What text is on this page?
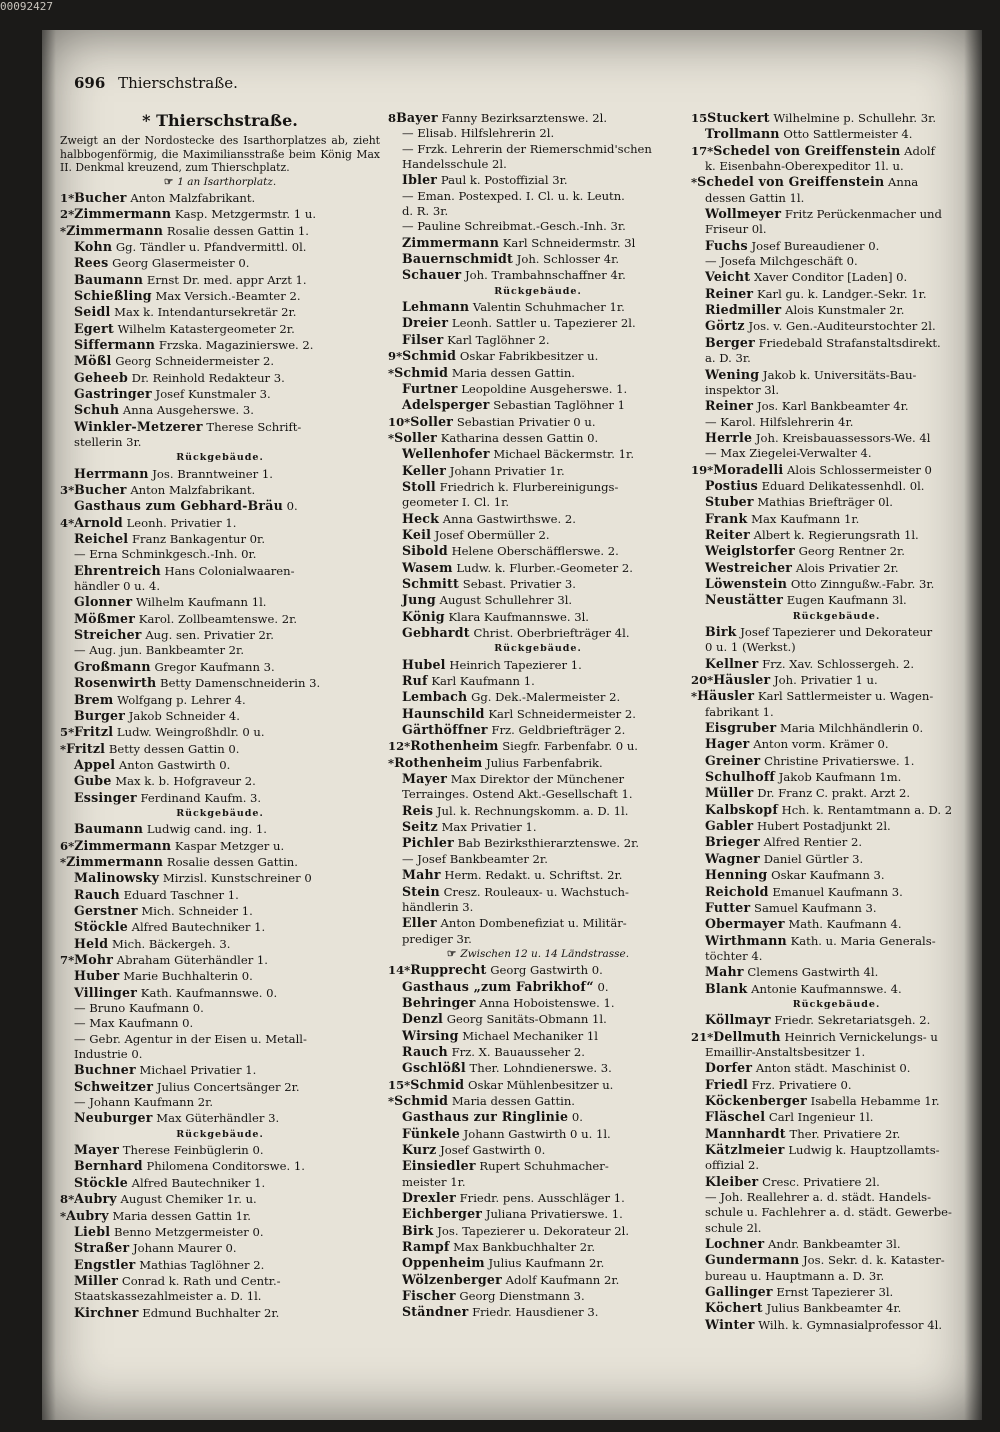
696 Thierschstraße.
* Thierschstraße.
Zweigt an der Nordostecke des Isarthorplatzes ab, zieht halbbogenförmig, die Maximiliansstraße beim König Max II. Denkmal kreuzend, zum Thierschplatz.
☞ 1 an Isarthorplatz.
1*Bucher Anton Malzfabrikant.
2*Zimmermann Kasp. Metzgermstr. 1 u.
*Zimmermann Rosalie dessen Gattin 1.
Kohn Gg. Tändler u. Pfandvermittl. 0l.
Rees Georg Glasermeister 0.
Baumann Ernst Dr. med. appr Arzt 1.
Schießling Max Versich.-Beamter 2.
Seidl Max k. Intendantursekretär 2r.
Egert Wilhelm Katastergeometer 2r.
Siffermann Frzska. Magazinierswe. 2.
Mößl Georg Schneidermeister 2.
Geheeb Dr. Reinhold Redakteur 3.
Gastringer Josef Kunstmaler 3.
Schuh Anna Ausgeherswe. 3.
Winkler-Metzerer Therese Schrift-
stellerin 3r.
Rückgebäude.
Herrmann Jos. Branntweiner 1.
3*Bucher Anton Malzfabrikant.
Gasthaus zum Gebhard-Bräu 0.
4*Arnold Leonh. Privatier 1.
Reichel Franz Bankagentur 0r.
— Erna Schminkgesch.-Inh. 0r.
Ehrentreich Hans Colonialwaaren-
händler 0 u. 4.
Glonner Wilhelm Kaufmann 1l.
Mößmer Karol. Zollbeamtenswe. 2r.
Streicher Aug. sen. Privatier 2r.
— Aug. jun. Bankbeamter 2r.
Großmann Gregor Kaufmann 3.
Rosenwirth Betty Damenschneiderin 3.
Brem Wolfgang p. Lehrer 4.
Burger Jakob Schneider 4.
5*Fritzl Ludw. Weingroßhdlr. 0 u.
*Fritzl Betty dessen Gattin 0.
Appel Anton Gastwirth 0.
Gube Max k. b. Hofgraveur 2.
Essinger Ferdinand Kaufm. 3.
Rückgebäude.
Baumann Ludwig cand. ing. 1.
6*Zimmermann Kaspar Metzger u.
*Zimmermann Rosalie dessen Gattin.
Malinowsky Mirzisl. Kunstschreiner 0
Rauch Eduard Taschner 1.
Gerstner Mich. Schneider 1.
Stöckle Alfred Bautechniker 1.
Held Mich. Bäckergeh. 3.
7*Mohr Abraham Güterhändler 1.
Huber Marie Buchhalterin 0.
Villinger Kath. Kaufmannswe. 0.
— Bruno Kaufmann 0.
— Max Kaufmann 0.
— Gebr. Agentur in der Eisen u. Metall-
Industrie 0.
Buchner Michael Privatier 1.
Schweitzer Julius Concertsänger 2r.
— Johann Kaufmann 2r.
Neuburger Max Güterhändler 3.
Rückgebäude.
Mayer Therese Feinbüglerin 0.
Bernhard Philomena Conditorswe. 1.
Stöckle Alfred Bautechniker 1.
8*Aubry August Chemiker 1r. u.
*Aubry Maria dessen Gattin 1r.
Liebl Benno Metzgermeister 0.
Straßer Johann Maurer 0.
Engstler Mathias Taglöhner 2.
Miller Conrad k. Rath und Centr.-
Staatskassezahlmeister a. D. 1l.
Kirchner Edmund Buchhalter 2r.
8Bayer Fanny Bezirksarztenswe. 2l.
— Elisab. Hilfslehrerin 2l.
— Frzk. Lehrerin der Riemerschmid'schen
Handelsschule 2l.
Ibler Paul k. Postoffizial 3r.
— Eman. Postexped. I. Cl. u. k. Leutn.
d. R. 3r.
— Pauline Schreibmat.-Gesch.-Inh. 3r.
Zimmermann Karl Schneidermstr. 3l
Bauernschmidt Joh. Schlosser 4r.
Schauer Joh. Trambahnschaffner 4r.
Rückgebäude.
Lehmann Valentin Schuhmacher 1r.
Dreier Leonh. Sattler u. Tapezierer 2l.
Filser Karl Taglöhner 2.
9*Schmid Oskar Fabrikbesitzer u.
*Schmid Maria dessen Gattin.
Furtner Leopoldine Ausgeherswe. 1.
Adelsperger Sebastian Taglöhner 1
10*Soller Sebastian Privatier 0 u.
*Soller Katharina dessen Gattin 0.
Wellenhofer Michael Bäckermstr. 1r.
Keller Johann Privatier 1r.
Stoll Friedrich k. Flurbereinigungs-
geometer I. Cl. 1r.
Heck Anna Gastwirthswe. 2.
Keil Josef Obermüller 2.
Sibold Helene Oberschäfflerswe. 2.
Wasem Ludw. k. Flurber.-Geometer 2.
Schmitt Sebast. Privatier 3.
Jung August Schullehrer 3l.
König Klara Kaufmannswe. 3l.
Gebhardt Christ. Oberbriefträger 4l.
Rückgebäude.
Hubel Heinrich Tapezierer 1.
Ruf Karl Kaufmann 1.
Lembach Gg. Dek.-Malermeister 2.
Haunschild Karl Schneidermeister 2.
Gärthöffner Frz. Geldbriefträger 2.
12*Rothenheim Siegfr. Farbenfabr. 0 u.
*Rothenheim Julius Farbenfabrik.
Mayer Max Direktor der Münchener
Terrainges. Ostend Akt.-Gesellschaft 1.
Reis Jul. k. Rechnungskomm. a. D. 1l.
Seitz Max Privatier 1.
Pichler Bab Bezirksthierarztenswe. 2r.
— Josef Bankbeamter 2r.
Mahr Herm. Redakt. u. Schriftst. 2r.
Stein Cresz. Rouleaux- u. Wachstuch-
händlerin 3.
Eller Anton Dombenefiziat u. Militär-
prediger 3r.
☞ Zwischen 12 u. 14 Ländstrasse.
14*Rupprecht Georg Gastwirth 0.
Gasthaus „zum Fabrikhof“ 0.
Behringer Anna Hoboistenswe. 1.
Denzl Georg Sanitäts-Obmann 1l.
Wirsing Michael Mechaniker 1l
Rauch Frz. X. Bauausseher 2.
Gschlößl Ther. Lohndienerswe. 3.
15*Schmid Oskar Mühlenbesitzer u.
*Schmid Maria dessen Gattin.
Gasthaus zur Ringlinie 0.
Fünkele Johann Gastwirth 0 u. 1l.
Kurz Josef Gastwirth 0.
Einsiedler Rupert Schuhmacher-
meister 1r.
Drexler Friedr. pens. Ausschläger 1.
Eichberger Juliana Privatierswe. 1.
Birk Jos. Tapezierer u. Dekorateur 2l.
Rampf Max Bankbuchhalter 2r.
Oppenheim Julius Kaufmann 2r.
Wölzenberger Adolf Kaufmann 2r.
Fischer Georg Dienstmann 3.
Ständner Friedr. Hausdiener 3.
15Stuckert Wilhelmine p. Schullehr. 3r.
Trollmann Otto Sattlermeister 4.
17*Schedel von Greiffenstein Adolf
k. Eisenbahn-Oberexpeditor 1l. u.
*Schedel von Greiffenstein Anna
dessen Gattin 1l.
Wollmeyer Fritz Perückenmacher und
Friseur 0l.
Fuchs Josef Bureaudiener 0.
— Josefa Milchgeschäft 0.
Veicht Xaver Conditor [Laden] 0.
Reiner Karl gu. k. Landger.-Sekr. 1r.
Riedmiller Alois Kunstmaler 2r.
Görtz Jos. v. Gen.-Auditeurstochter 2l.
Berger Friedebald Strafanstaltsdirekt.
a. D. 3r.
Wening Jakob k. Universitäts-Bau-
inspektor 3l.
Reiner Jos. Karl Bankbeamter 4r.
— Karol. Hilfslehrerin 4r.
Herrle Joh. Kreisbauassessors-We. 4l
— Max Ziegelei-Verwalter 4.
19*Moradelli Alois Schlossermeister 0
Postius Eduard Delikatessenhdl. 0l.
Stuber Mathias Briefträger 0l.
Frank Max Kaufmann 1r.
Reiter Albert k. Regierungsrath 1l.
Weiglstorfer Georg Rentner 2r.
Westreicher Alois Privatier 2r.
Löwenstein Otto Zinngußw.-Fabr. 3r.
Neustätter Eugen Kaufmann 3l.
Rückgebäude.
Birk Josef Tapezierer und Dekorateur
0 u. 1 (Werkst.)
Kellner Frz. Xav. Schlossergeh. 2.
20*Häusler Joh. Privatier 1 u.
*Häusler Karl Sattlermeister u. Wagen-
fabrikant 1.
Eisgruber Maria Milchhändlerin 0.
Hager Anton vorm. Krämer 0.
Greiner Christine Privatierswe. 1.
Schulhoff Jakob Kaufmann 1m.
Müller Dr. Franz C. prakt. Arzt 2.
Kalbskopf Hch. k. Rentamtmann a. D. 2
Gabler Hubert Postadjunkt 2l.
Brieger Alfred Rentier 2.
Wagner Daniel Gürtler 3.
Henning Oskar Kaufmann 3.
Reichold Emanuel Kaufmann 3.
Futter Samuel Kaufmann 3.
Obermayer Math. Kaufmann 4.
Wirthmann Kath. u. Maria Generals-
töchter 4.
Mahr Clemens Gastwirth 4l.
Blank Antonie Kaufmannswe. 4.
Rückgebäude.
Köllmayr Friedr. Sekretariatsgeh. 2.
21*Dellmuth Heinrich Vernickelungs- u
Emaillir-Anstaltsbesitzer 1.
Dorfer Anton städt. Maschinist 0.
Friedl Frz. Privatiere 0.
Köckenberger Isabella Hebamme 1r.
Fläschel Carl Ingenieur 1l.
Mannhardt Ther. Privatiere 2r.
Kätzlmeier Ludwig k. Hauptzollamts-
offizial 2.
Kleiber Cresc. Privatiere 2l.
— Joh. Reallehrer a. d. städt. Handels-
schule u. Fachlehrer a. d. städt. Gewerbe-
schule 2l.
Lochner Andr. Bankbeamter 3l.
Gundermann Jos. Sekr. d. k. Kataster-
bureau u. Hauptmann a. D. 3r.
Gallinger Ernst Tapezierer 3l.
Köchert Julius Bankbeamter 4r.
Winter Wilh. k. Gymnasialprofessor 4l.
00092427
